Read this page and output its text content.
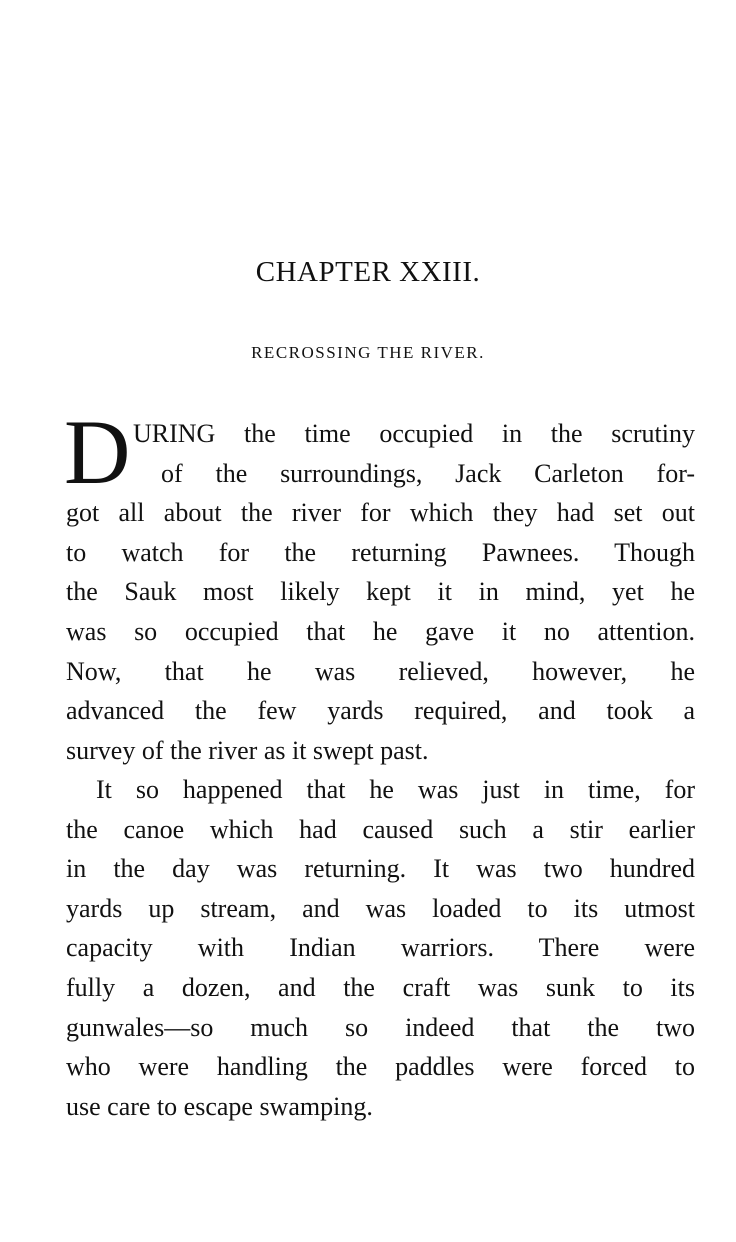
CHAPTER XXIII.
RECROSSING THE RIVER.
D URING the time occupied in the scrutiny
of the surroundings, Jack Carleton for-
got all about the river for which they had set out
to watch for the returning Pawnees. Though
the Sauk most likely kept it in mind, yet he
was so occupied that he gave it no attention.
Now, that he was relieved, however, he
advanced the few yards required, and took a
survey of the river as it swept past.
It so happened that he was just in time, for
the canoe which had caused such a stir earlier
in the day was returning. It was two hundred
yards up stream, and was loaded to its utmost
capacity with Indian warriors. There were
fully a dozen, and the craft was sunk to its
gunwales—so much so indeed that the two
who were handling the paddles were forced to
use care to escape swamping.
